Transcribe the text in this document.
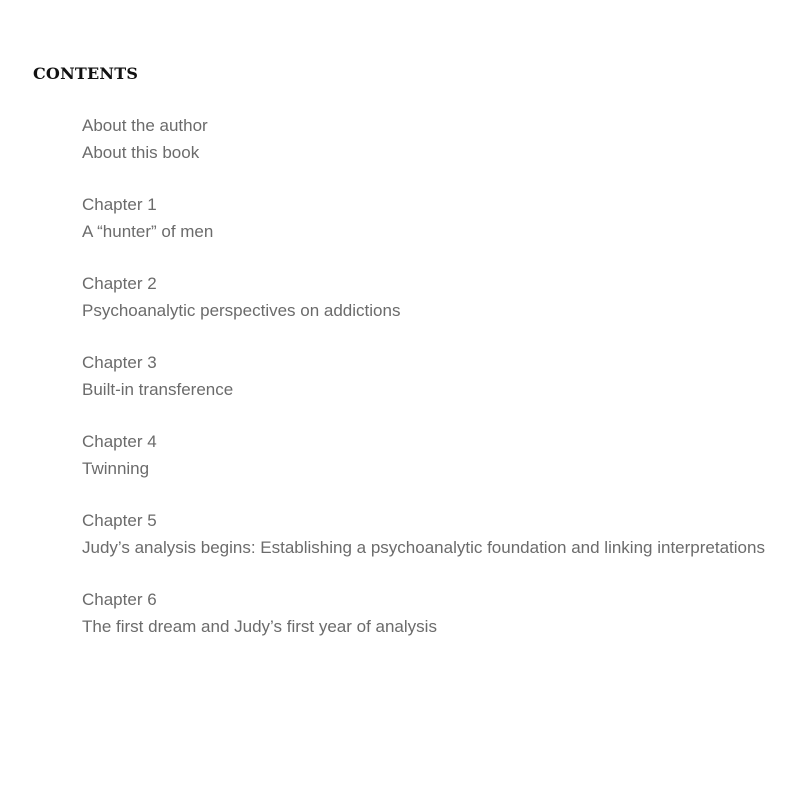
CONTENTS
About the author
About this book
Chapter 1
A “hunter” of men
Chapter 2
Psychoanalytic perspectives on addictions
Chapter 3
Built-in transference
Chapter 4
Twinning
Chapter 5
Judy’s analysis begins: Establishing a psychoanalytic foundation and linking interpretations
Chapter 6
The first dream and Judy’s first year of analysis
